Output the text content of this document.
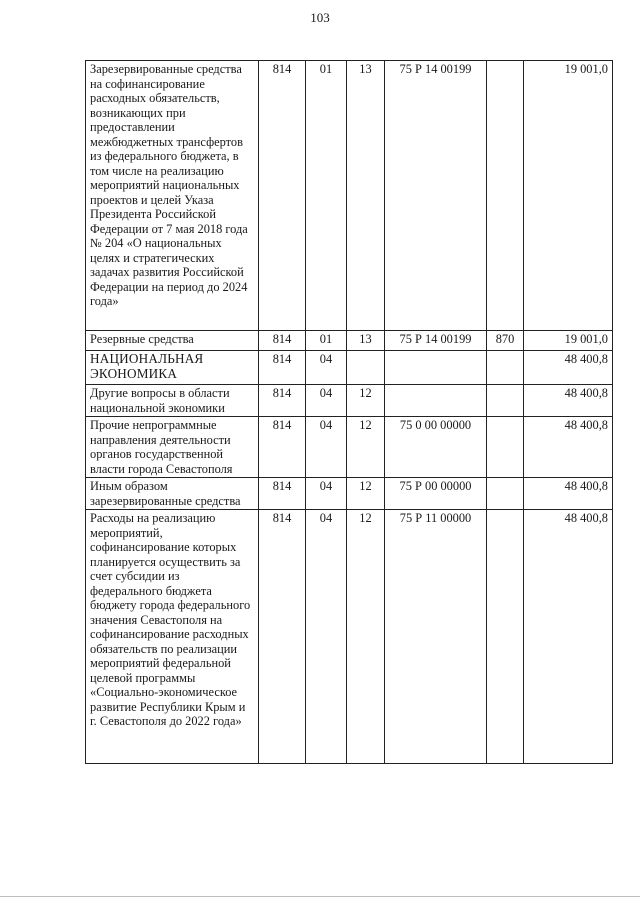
103
Зарезервированные средства на софинансирование расходных обязательств, возникающих при предоставлении межбюджетных трансфертов из федерального бюджета, в том числе на реализацию мероприятий национальных проектов и целей Указа Президента Российской Федерации от 7 мая 2018 года № 204 «О национальных целях и стратегических задачах развития Российской Федерации на период до 2024 года»	814	01	13	75 Р 14 00199		19 001,0
Резервные средства	814	01	13	75 Р 14 00199	870	19 001,0
НАЦИОНАЛЬНАЯ ЭКОНОМИКА	814	04				48 400,8
Другие вопросы в области национальной экономики	814	04	12			48 400,8
Прочие непрограммные направления деятельности органов государственной власти города Севастополя	814	04	12	75 0 00 00000		48 400,8
Иным образом зарезервированные средства	814	04	12	75 Р 00 00000		48 400,8
Расходы на реализацию мероприятий, софинансирование которых планируется осуществить за счет субсидии из федерального бюджета бюджету города федерального значения Севастополя на софинансирование расходных обязательств по реализации мероприятий федеральной целевой программы «Социально-экономическое развитие Республики Крым и г. Севастополя до 2022 года»	814	04	12	75 Р 11 00000		48 400,8
